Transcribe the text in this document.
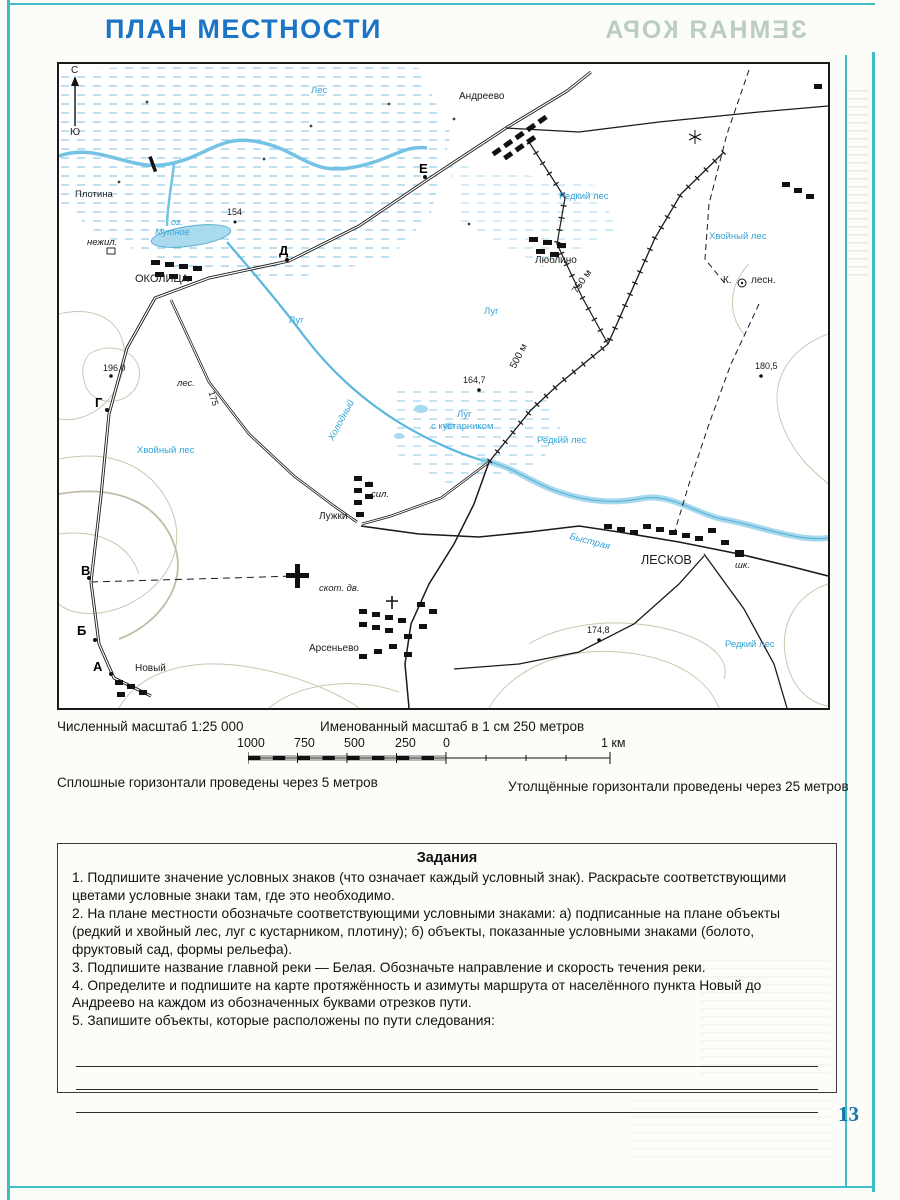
ЗЕМНАЯ КОРА
ПЛАН МЕСТНОСТИ
С
Ю
Лес
Андреево
Е
Редкий лес
Хвойный лес
Люблино
К. лесн.
Плотина
154
оз.
Мутное
нежил.
ОКОЛИЦА
Д
750 м
Луг
Луг
196,0	180,5
500 м
164,7
лес.
Г	175	Холодный	Луг
с кустарником
Редкий лес
Хвойный лес
Лужки
сил.
Быстрая
ЛЕСКОВ	шк.
В
скот. дв.
Б	174,8
Редкий лес
А	Новый
Арсеньево
Численный масштаб 1:25 000	Именованный масштаб в 1 см 250 метров
1000 750 500 250 0	1 км
Сплошные горизонтали проведены через 5 метров	Утолщённые горизонтали проведены через 25 метров
Задания

1. Подпишите значение условных знаков (что означает каждый условный знак). Раскрасьте соответствующими цветами условные знаки там, где это необходимо.

2. На плане местности обозначьте соответствующими условными знаками: а) подписанные на плане объекты (редкий и хвойный лес, луг с кустарником, плотину); б) объекты, показанные условными знаками (болото, фруктовый сад, формы рельефа).

3. Подпишите название главной реки — Белая. Обозначьте направление и скорость течения реки.

4. Определите и подпишите на карте протяжённость и азимуты маршрута от населённого пункта Новый до Андреево на каждом из обозначенных буквами отрезков пути.

5. Запишите объекты, которые расположены по пути следования:

13
